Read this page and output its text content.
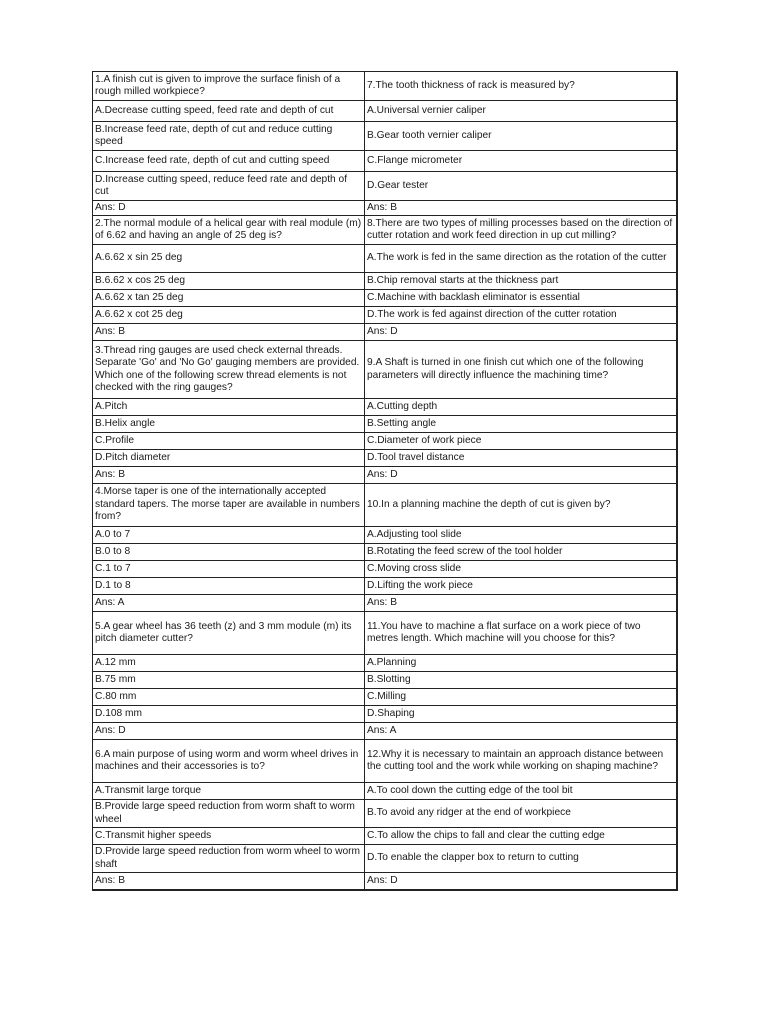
1.A finish cut is given to improve the surface finish of a rough milled workpiece?	7.The tooth thickness of rack is measured by?
A.Decrease cutting speed, feed rate and depth of cut	A.Universal vernier caliper
B.Increase feed rate, depth of cut and reduce cutting speed	B.Gear tooth vernier caliper
C.Increase feed rate, depth of cut and cutting speed	C.Flange micrometer
D.Increase cutting speed, reduce feed rate and depth of cut	D.Gear tester
Ans: D	Ans: B
2.The normal module of a helical gear with real module (m) of 6.62 and having an angle of 25 deg is?	8.There are two types of milling processes based on the direction of cutter rotation and work feed direction in up cut milling?
A.6.62 x sin 25 deg	A.The work is fed in the same direction as the rotation of the cutter
B.6.62 x cos 25 deg	B.Chip removal starts at the thickness part
A.6.62 x tan 25 deg	C.Machine with backlash eliminator is essential
A.6.62 x cot 25 deg	D.The work is fed against direction of the cutter rotation
Ans: B	Ans: D
3.Thread ring gauges are used check external threads. Separate 'Go' and 'No Go' gauging members are provided. Which one of the following screw thread elements is not checked with the ring gauges?	9.A Shaft is turned in one finish cut which one of the following parameters will directly influence the machining time?
A.Pitch	A.Cutting depth
B.Helix angle	B.Setting angle
C.Profile	C.Diameter of work piece
D.Pitch diameter	D.Tool travel distance
Ans: B	Ans: D
4.Morse taper is one of the internationally accepted standard tapers. The morse taper are available in numbers from?	10.In a planning machine the depth of cut is given by?
A.0 to 7	A.Adjusting tool slide
B.0 to 8	B.Rotating the feed screw of the tool holder
C.1 to 7	C.Moving cross slide
D.1 to 8	D.Lifting the work piece
Ans: A	Ans: B
5.A gear wheel has 36 teeth (z) and 3 mm module (m) its pitch diameter cutter?	11.You have to machine a flat surface on a work piece of two metres length. Which machine will you choose for this?
A.12 mm	A.Planning
B.75 mm	B.Slotting
C.80 mm	C.Milling
D.108 mm	D.Shaping
Ans: D	Ans: A
6.A main purpose of using worm and worm wheel drives in machines and their accessories is to?	12.Why it is necessary to maintain an approach distance between the cutting tool and the work while working on shaping machine?
A.Transmit large torque	A.To cool down the cutting edge of the tool bit
B.Provide large speed reduction from worm shaft to worm wheel	B.To avoid any ridger at the end of workpiece
C.Transmit higher speeds	C.To allow the chips to fall and clear the cutting edge
D.Provide large speed reduction from worm wheel to worm shaft	D.To enable the clapper box to return to cutting
Ans: B	Ans: D
